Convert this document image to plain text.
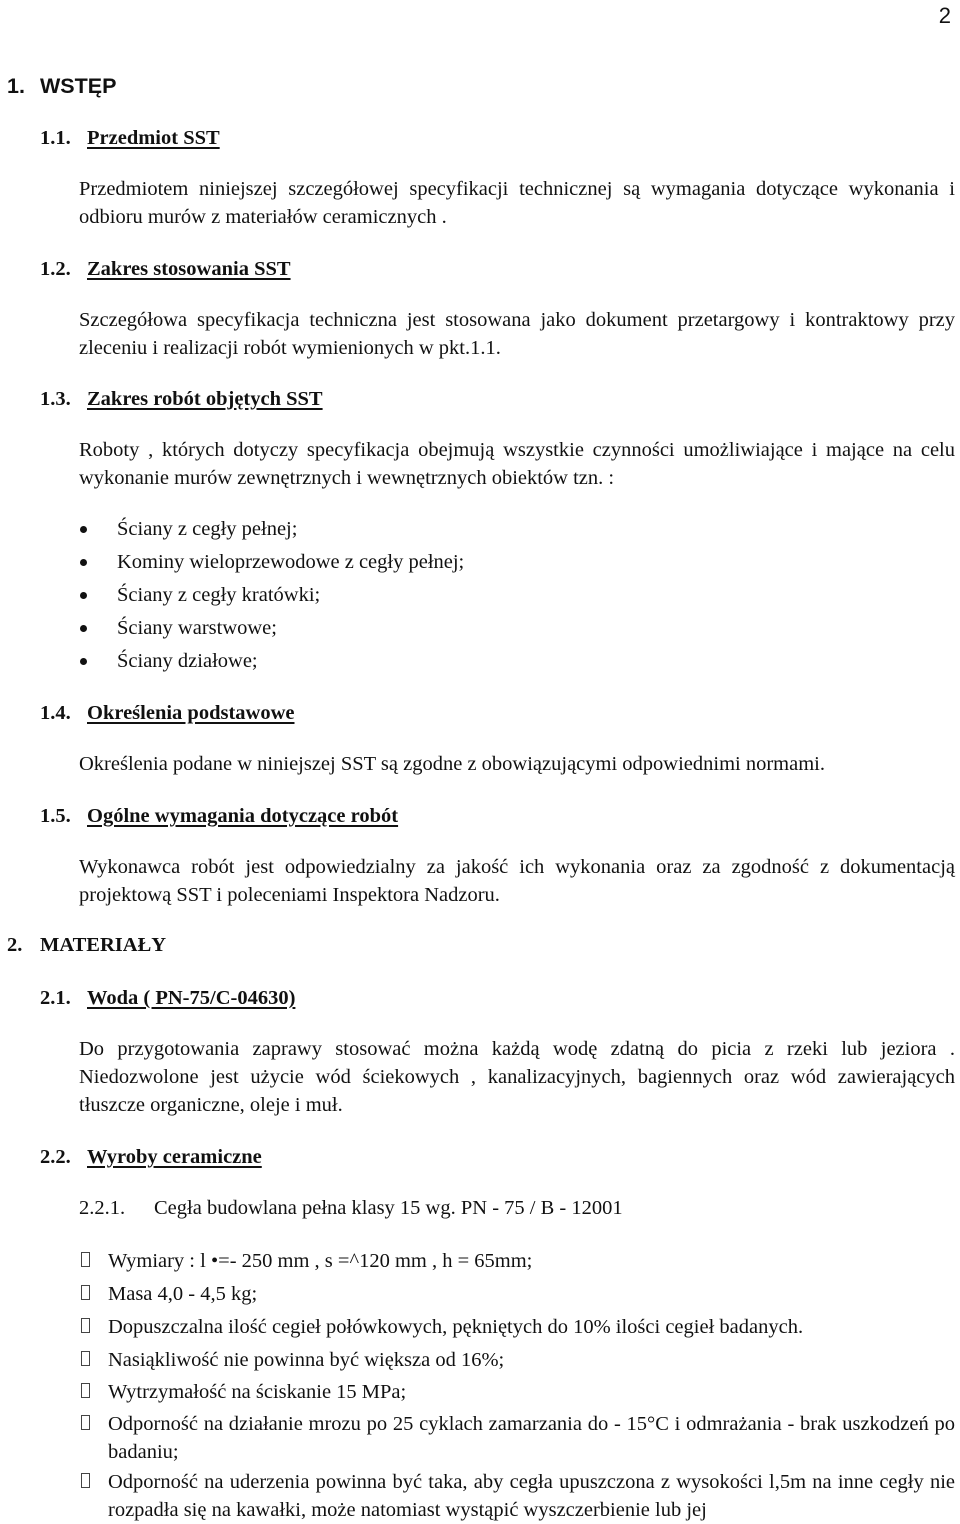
2
1. WSTĘP
1.1. Przedmiot SST
Przedmiotem niniejszej szczegółowej specyfikacji technicznej są wymagania dotyczące wykonania i odbioru murów z materiałów ceramicznych .
1.2. Zakres stosowania SST
Szczegółowa specyfikacja techniczna jest stosowana jako dokument przetargowy i kontraktowy przy zleceniu i realizacji robót wymienionych w pkt.1.1.
1.3. Zakres robót objętych SST
Roboty , których dotyczy specyfikacja obejmują wszystkie czynności umożliwiające i mające na celu wykonanie murów zewnętrznych i wewnętrznych obiektów tzn. :
Ściany z cegły pełnej;
Kominy wieloprzewodowe z cegły pełnej;
Ściany z cegły kratówki;
Ściany warstwowe;
Ściany działowe;
1.4. Określenia podstawowe
Określenia podane w niniejszej SST są zgodne z obowiązującymi odpowiednimi normami.
1.5. Ogólne wymagania dotyczące robót
Wykonawca robót jest odpowiedzialny za jakość ich wykonania oraz za zgodność z dokumentacją projektową SST i poleceniami Inspektora Nadzoru.
2. MATERIAŁY
2.1. Woda ( PN-75/C-04630)
Do przygotowania zaprawy stosować można każdą wodę zdatną do picia z rzeki lub jeziora . Niedozwolone jest użycie wód ściekowych , kanalizacyjnych, bagiennych oraz wód zawierających tłuszcze organiczne, oleje i muł.
2.2. Wyroby ceramiczne
2.2.1. Cegła budowlana pełna klasy 15 wg. PN - 75 / B - 12001
Wymiary : l •=- 250 mm , s =^120 mm , h = 65mm;
Masa 4,0 - 4,5 kg;
Dopuszczalna ilość cegieł połówkowych, pękniętych do 10% ilości cegieł badanych.
Nasiąkliwość nie powinna być większa od 16%;
Wytrzymałość na ściskanie 15 MPa;
Odporność na działanie mrozu po 25 cyklach zamarzania do - 15°C i odmrażania - brak uszkodzeń po badaniu;
Odporność na uderzenia powinna być taka, aby cegła upuszczona z wysokości l,5m na inne cegły nie rozpadła się na kawałki, może natomiast wystąpić wyszczerbienie lub jej
